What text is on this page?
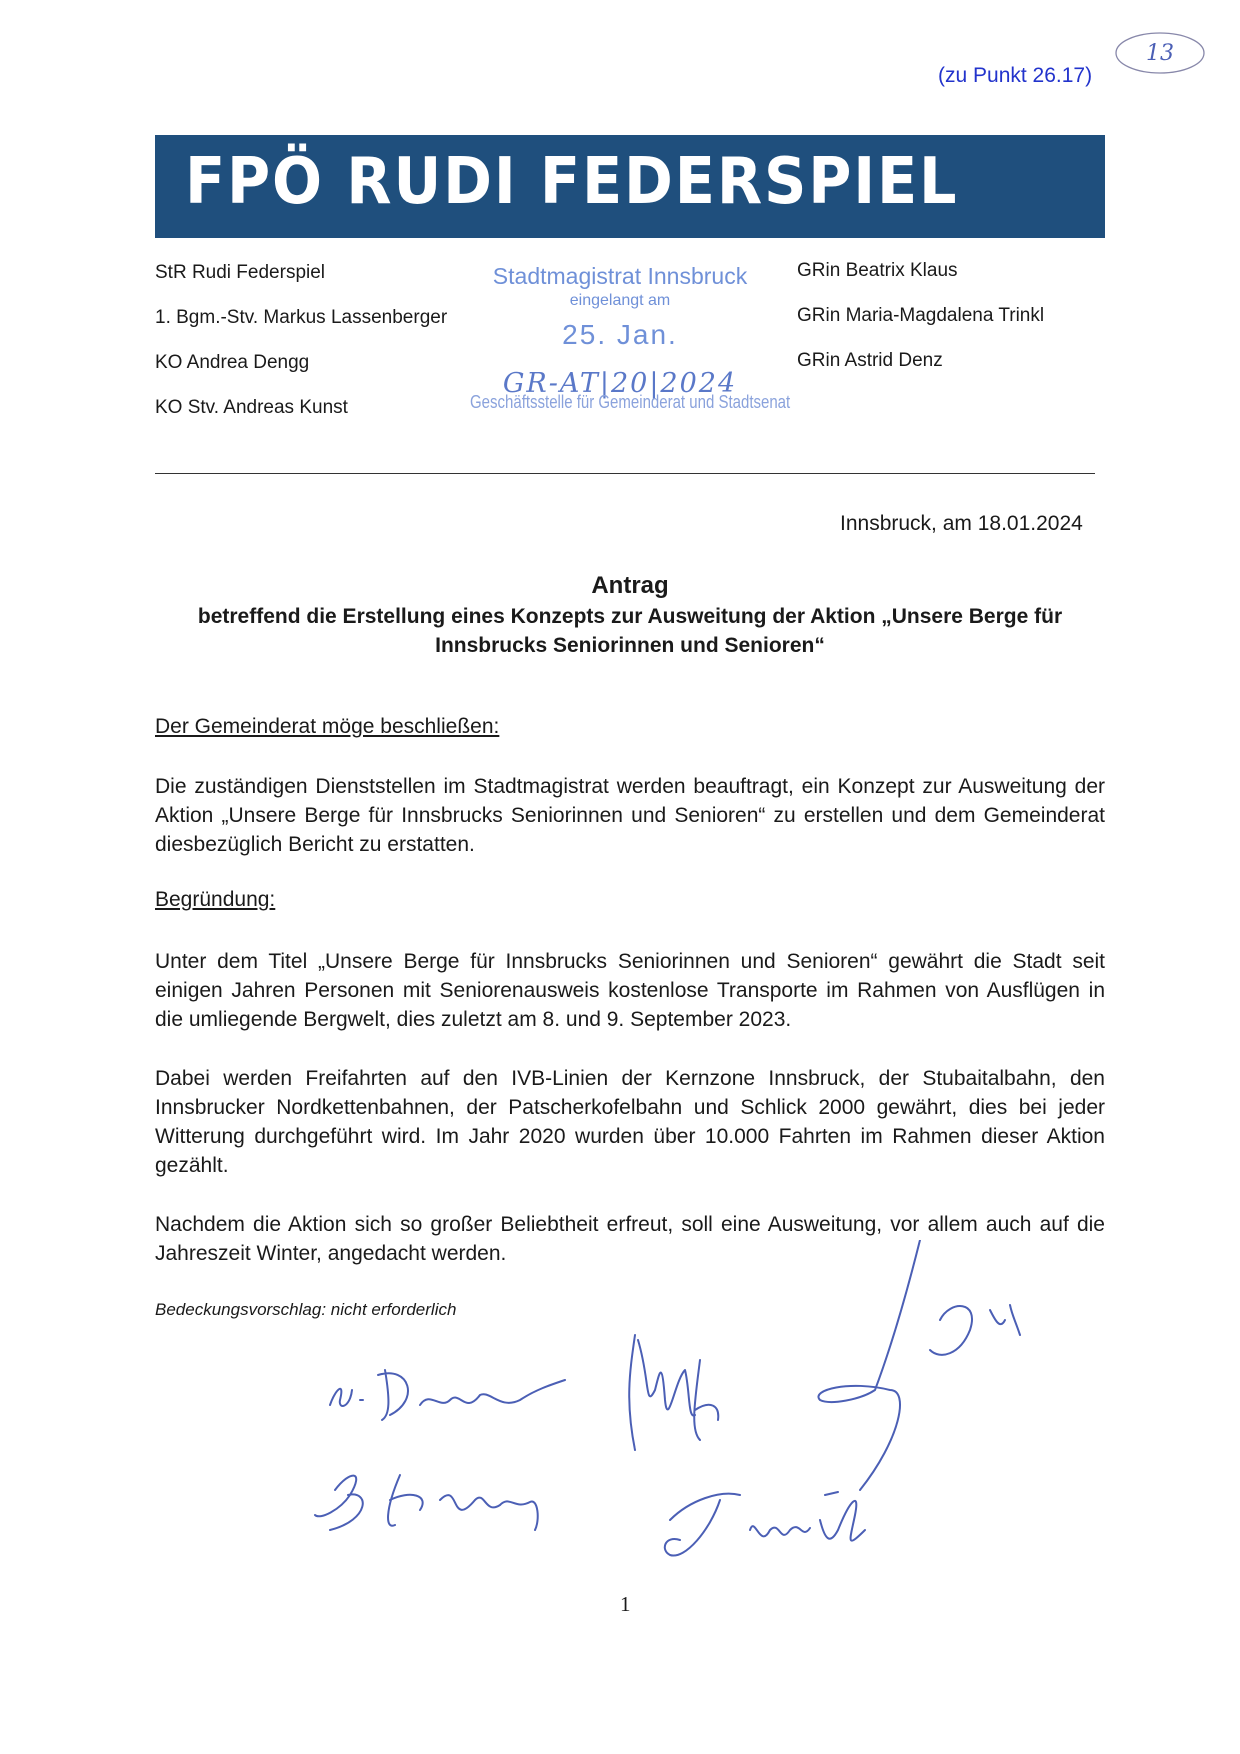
(zu Punkt 26.17)
13
FPÖ RUDI FEDERSPIEL
StR Rudi Federspiel
1. Bgm.-Stv. Markus Lassenberger
KO Andrea Dengg
KO Stv. Andreas Kunst
Stadtmagistrat Innsbruck
eingelangt am
25. Jan.
GR-AT|20|2024
Geschäftsstelle für Gemeinderat und Stadtsenat
GRin Beatrix Klaus
GRin Maria-Magdalena Trinkl
GRin Astrid Denz
Innsbruck, am 18.01.2024
Antrag
betreffend die Erstellung eines Konzepts zur Ausweitung der Aktion „Unsere Berge für Innsbrucks Seniorinnen und Senioren“
Der Gemeinderat möge beschließen:
Die zuständigen Dienststellen im Stadtmagistrat werden beauftragt, ein Konzept zur Ausweitung der Aktion „Unsere Berge für Innsbrucks Seniorinnen und Senioren“ zu erstellen und dem Gemeinderat diesbezüglich Bericht zu erstatten.
Begründung:
Unter dem Titel „Unsere Berge für Innsbrucks Seniorinnen und Senioren“ gewährt die Stadt seit einigen Jahren Personen mit Seniorenausweis kostenlose Transporte im Rahmen von Ausflügen in die umliegende Bergwelt, dies zuletzt am 8. und 9. September 2023.
Dabei werden Freifahrten auf den IVB-Linien der Kernzone Innsbruck, der Stubaitalbahn, den Innsbrucker Nordkettenbahnen, der Patscherkofelbahn und Schlick 2000 gewährt, dies bei jeder Witterung durchgeführt wird. Im Jahr 2020 wurden über 10.000 Fahrten im Rahmen dieser Aktion gezählt.
Nachdem die Aktion sich so großer Beliebtheit erfreut, soll eine Ausweitung, vor allem auch auf die Jahreszeit Winter, angedacht werden.
Bedeckungsvorschlag: nicht erforderlich
1
